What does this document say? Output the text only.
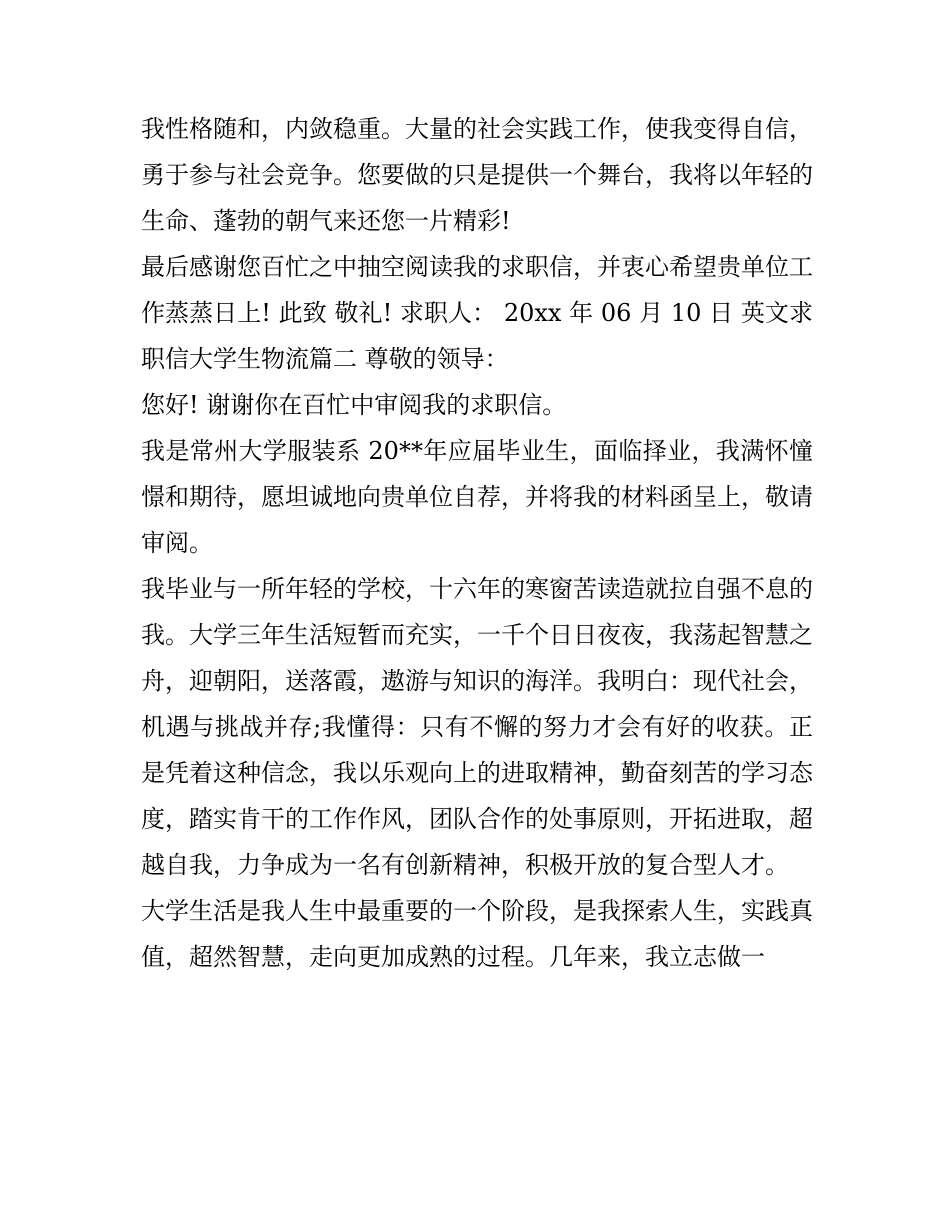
我性格随和，内敛稳重。大量的社会实践工作，使我变得自信，勇于参与社会竞争。您要做的只是提供一个舞台，我将以年轻的生命、蓬勃的朝气来还您一片精彩!

最后感谢您百忙之中抽空阅读我的求职信，并衷心希望贵单位工作蒸蒸日上! 此致 敬礼! 求职人： 20xx 年 06 月 10 日 英文求职信大学生物流篇二 尊敬的领导：

您好! 谢谢你在百忙中审阅我的求职信。

我是常州大学服装系 20**年应届毕业生，面临择业，我满怀憧憬和期待，愿坦诚地向贵单位自荐，并将我的材料函呈上，敬请审阅。

我毕业与一所年轻的学校，十六年的寒窗苦读造就拉自强不息的我。大学三年生活短暂而充实，一千个日日夜夜，我荡起智慧之舟，迎朝阳，送落霞，遨游与知识的海洋。我明白：现代社会，机遇与挑战并存;我懂得：只有不懈的努力才会有好的收获。正是凭着这种信念，我以乐观向上的进取精神，勤奋刻苦的学习态度，踏实肯干的工作作风，团队合作的处事原则，开拓进取，超越自我，力争成为一名有创新精神，积极开放的复合型人才。

大学生活是我人生中最重要的一个阶段，是我探索人生，实践真值，超然智慧，走向更加成熟的过程。几年来，我立志做一
